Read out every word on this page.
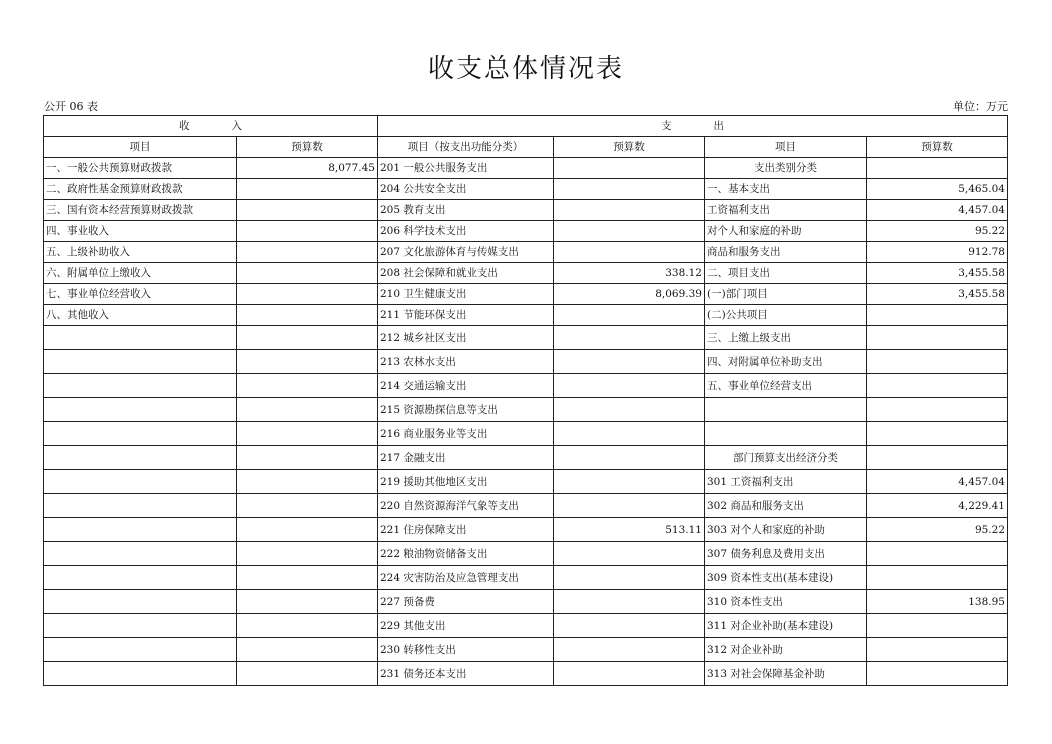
收支总体情况表
公开 06 表	单位：万元
收　　　　入		支　　　　出			
项目	预算数	项目（按支出功能分类）	预算数	项目	预算数
一、一般公共预算财政拨款	8,077.45	201 一般公共服务支出		支出类别分类	
二、政府性基金预算财政拨款		204 公共安全支出		一、基本支出	5,465.04
三、国有资本经营预算财政拨款		205 教育支出		工资福利支出	4,457.04
四、事业收入		206 科学技术支出		对个人和家庭的补助	95.22
五、上级补助收入		207 文化旅游体育与传媒支出		商品和服务支出	912.78
六、附属单位上缴收入		208 社会保障和就业支出	338.12	二、项目支出	3,455.58
七、事业单位经营收入		210 卫生健康支出	8,069.39	(一)部门项目	3,455.58
八、其他收入		211 节能环保支出		(二)公共项目	
		212 城乡社区支出		三、上缴上级支出	
		213 农林水支出		四、对附属单位补助支出	
		214 交通运输支出		五、事业单位经营支出	
		215 资源勘探信息等支出			
		216 商业服务业等支出			
		217 金融支出		部门预算支出经济分类	
		219 援助其他地区支出		301 工资福利支出	4,457.04
		220 自然资源海洋气象等支出		302 商品和服务支出	4,229.41
		221 住房保障支出	513.11	303 对个人和家庭的补助	95.22
		222 粮油物资储备支出		307 债务利息及费用支出	
		224 灾害防治及应急管理支出		309 资本性支出(基本建设)	
		227 预备费		310 资本性支出	138.95
		229 其他支出		311 对企业补助(基本建设)	
		230 转移性支出		312 对企业补助	
		231 债务还本支出		313 对社会保障基金补助	
